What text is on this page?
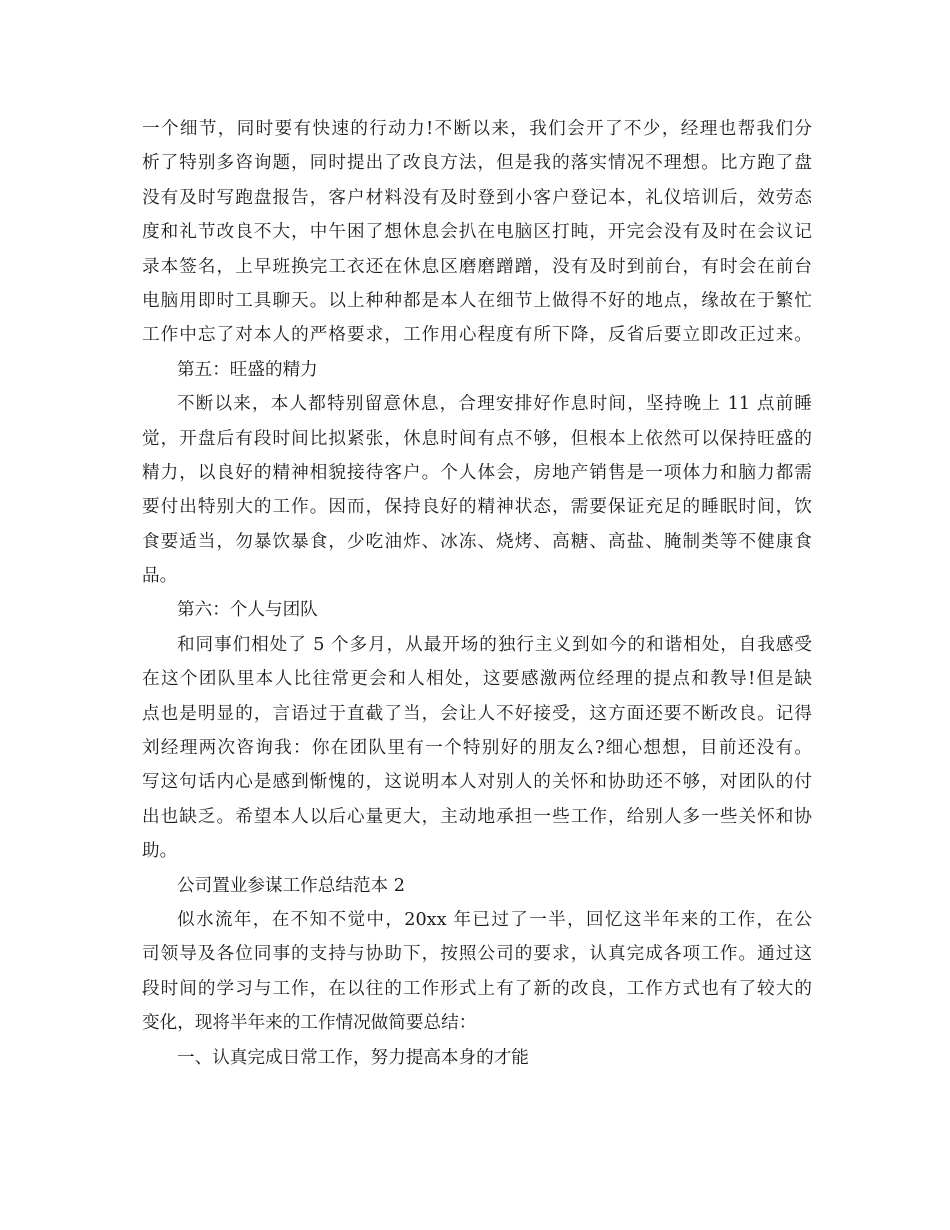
一个细节，同时要有快速的行动力!不断以来，我们会开了不少，经理也帮我们分
析了特别多咨询题，同时提出了改良方法，但是我的落实情况不理想。比方跑了盘
没有及时写跑盘报告，客户材料没有及时登到小客户登记本，礼仪培训后，效劳态
度和礼节改良不大，中午困了想休息会扒在电脑区打盹，开完会没有及时在会议记
录本签名，上早班换完工衣还在休息区磨磨蹭蹭，没有及时到前台，有时会在前台
电脑用即时工具聊天。以上种种都是本人在细节上做得不好的地点，缘故在于繁忙
工作中忘了对本人的严格要求，工作用心程度有所下降，反省后要立即改正过来。
第五：旺盛的精力
不断以来，本人都特别留意休息，合理安排好作息时间，坚持晚上 11 点前睡
觉，开盘后有段时间比拟紧张，休息时间有点不够，但根本上依然可以保持旺盛的
精力，以良好的精神相貌接待客户。个人体会，房地产销售是一项体力和脑力都需
要付出特别大的工作。因而，保持良好的精神状态，需要保证充足的睡眠时间，饮
食要适当，勿暴饮暴食，少吃油炸、冰冻、烧烤、高糖、高盐、腌制类等不健康食
品。
第六：个人与团队
和同事们相处了 5 个多月，从最开场的独行主义到如今的和谐相处，自我感受
在这个团队里本人比往常更会和人相处，这要感激两位经理的提点和教导!但是缺
点也是明显的，言语过于直截了当，会让人不好接受，这方面还要不断改良。记得
刘经理两次咨询我：你在团队里有一个特别好的朋友么?细心想想，目前还没有。
写这句话内心是感到惭愧的，这说明本人对别人的关怀和协助还不够，对团队的付
出也缺乏。希望本人以后心量更大，主动地承担一些工作，给别人多一些关怀和协
助。
公司置业参谋工作总结范本 2
似水流年，在不知不觉中，20xx 年已过了一半，回忆这半年来的工作，在公
司领导及各位同事的支持与协助下，按照公司的要求，认真完成各项工作。通过这
段时间的学习与工作，在以往的工作形式上有了新的改良，工作方式也有了较大的
变化，现将半年来的工作情况做简要总结：
一、认真完成日常工作，努力提高本身的才能
